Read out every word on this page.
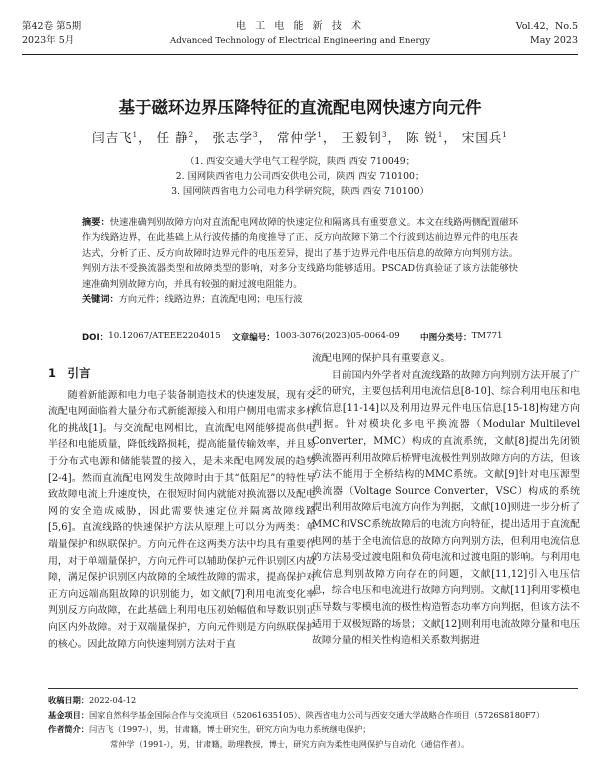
第42卷 第5期
2023年 5月
电 工 电 能 新 技 术
Advanced Technology of Electrical Engineering and Energy
Vol.42，No.5
May 2023
基于磁环边界压降特征的直流配电网快速方向元件
闫吉飞$^1$， 任 静$^2$， 张志学$^3$， 常仲学$^1$， 王毅钊$^3$， 陈 锐$^1$， 宋国兵$^1$
（1. 西安交通大学电气工程学院，陕西 西安 710049；
2. 国网陕西省电力公司西安供电公司，陕西 西安 710100；
3. 国网陕西省电力公司电力科学研究院，陕西 西安 710100）
摘要：快速准确判别故障方向对直流配电网故障的快速定位和隔离具有重要意义。本文在线路两侧配置磁环作为线路边界，在此基础上从行波传播的角度推导了正、反方向故障下第二个行波到达前边界元件的电压表达式，分析了正、反方向故障时边界元件的电压差异，提出了基于边界元件电压信息的故障方向判别方法。判别方法不受换流器类型和故障类型的影响，对多分支线路均能够适用。PSCAD仿真验证了该方法能够快速准确判别故障方向，并具有较强的耐过渡电阻能力。
关键词：方向元件；线路边界；直流配电网；电压行波
DOI： 10.12067/ATEEE2204015 文章编号： 1003-3076(2023)05-0064-09 中图分类号： TM771
1　引言

随着新能源和电力电子装备制造技术的快速发展，现有交流配电网面临着大量分布式新能源接入和用户侧用电需求多样化的挑战[1]。与交流配电网相比，直流配电网能够提高供电半径和电能质量，降低线路损耗，提高能量传输效率，并且易于分布式电源和储能装置的接入，是未来配电网发展的趋势[2-4]。然而直流配电网发生故障时由于其“低阻尼”的特性导致故障电流上升速度快，在很短时间内就能对换流器以及配电网的安全造成威胁，因此需要快速定位并隔离故障线路[5,6]。直流线路的快速保护方法从原理上可以分为两类：单端量保护和纵联保护。方向元件在这两类方法中均具有重要作用，对于单端量保护，方向元件可以辅助保护元件识别区内故障，满足保护识别区内故障的全域性故障的需求，提高保护对正方向远端高阻故障的识别能力，如文献[7]利用电流变化率判别反方向故障，在此基础上利用电压初始幅值和导数识别正向区内外故障。对于双端量保护，方向元件则是方向纵联保护的核心。因此故障方向快速判别方法对于直

流配电网的保护具有重要意义。

目前国内外学者对直流线路的故障方向判别方法开展了广泛的研究，主要包括利用电流信息[8-10]、综合利用电压和电流信息[11-14]以及利用边界元件电压信息[15-18]构建方向判据。针对模块化多电平换流器（Modular Multilevel Converter，MMC）构成的直流系统，文献[8]提出先闭锁换流器再利用故障后桥臂电流极性判别故障方向的方法，但该方法不能用于全桥结构的MMC系统。文献[9]针对电压源型换流器（Voltage Source Converter，VSC）构成的系统提出利用故障后电流方向作为判据，文献[10]则进一步分析了MMC和VSC系统故障后的电流方向特征，提出适用于直流配电网的基于全电流信息的故障方向判别方法，但利用电流信息的方法易受过渡电阻和负荷电流和过渡电阻的影响。与利用电流信息判别故障方向存在的问题，文献[11,12]引入电压信息，综合电压和电流进行故障方向判别。文献[11]利用零模电压导数与零模电流的极性构造暂态功率方向判据，但该方法不适用于双极短路的场景；文献[12]则利用电流故障分量和电压故障分量的相关性构造相关系数判据进

收稿日期：2022-04-12
基金项目：国家自然科学基金国际合作与交流项目（52061635105）、陕西省电力公司与西安交通大学战略合作项目（5726S8180F7）
作者简介：闫吉飞（1997-），男，甘肃籍，博士研究生，研究方向为电力系统继电保护；
常仲学（1991-），男，甘肃籍，助理教授，博士，研究方向为柔性电网保护与自动化（通信作者）。
